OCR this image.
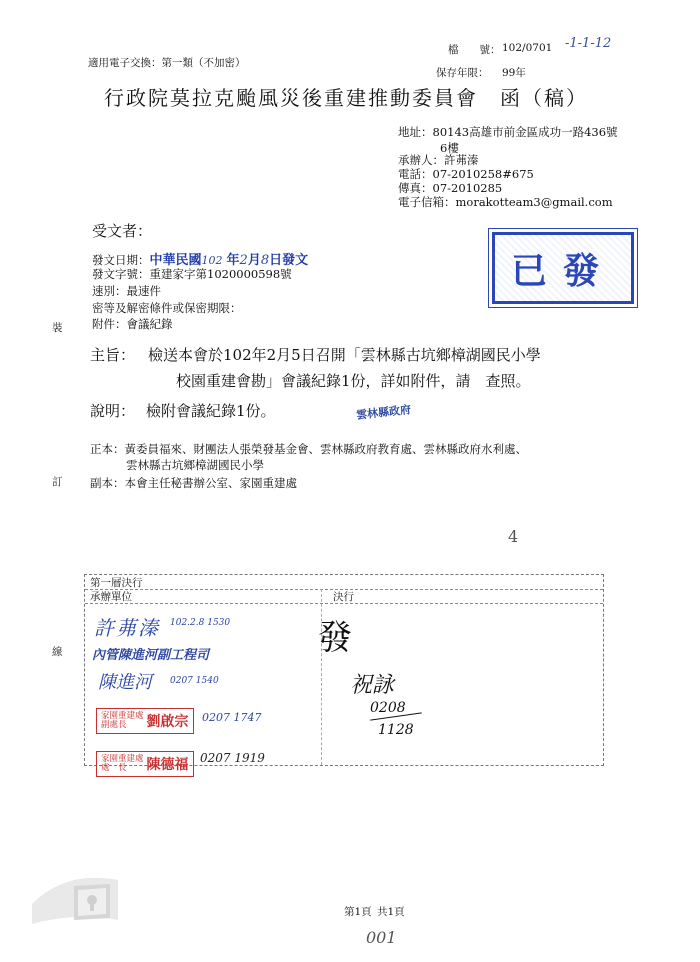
適用電子交換：第一類（不加密）
檔　　號： 102/0701 -1-1-12
保存年限： 99年
行政院莫拉克颱風災後重建推動委員會　函（稿）
地址：80143高雄市前金區成功一路436號
6樓
承辦人：許茀溱
電話：07-2010258#675
傳真：07-2010285
電子信箱：morakotteam3@gmail.com
受文者：
發文日期：中華民國102 年2月8日發文
發文字號：重建家字第1020000598號
速別：最速件
密等及解密條件或保密期限：
附件：會議紀錄
已發
主旨： 檢送本會於102年2月5日召開「雲林縣古坑鄉樟湖國民小學
校園重建會勘」會議紀錄1份，詳如附件，請　查照。
說明： 檢附會議紀錄1份。	雲林縣政府
正本：黃委員福來、財團法人張榮發基金會、雲林縣政府教育處、雲林縣政府水利處、
雲林縣古坑鄉樟湖國民小學
副本：本會主任秘書辦公室、家園重建處
4
裝
訂
線
第一層決行
承辦單位	決行
許茀溱 102.2.8 1530
內管陳進河副工程司
陳進河 0207 1540
發
祝詠
0208
1128
家園重建處
副處長	劉啟宗 0207 1747
家園重建處
處　長	陳德福 0207 1919
第1頁 共1頁
001
